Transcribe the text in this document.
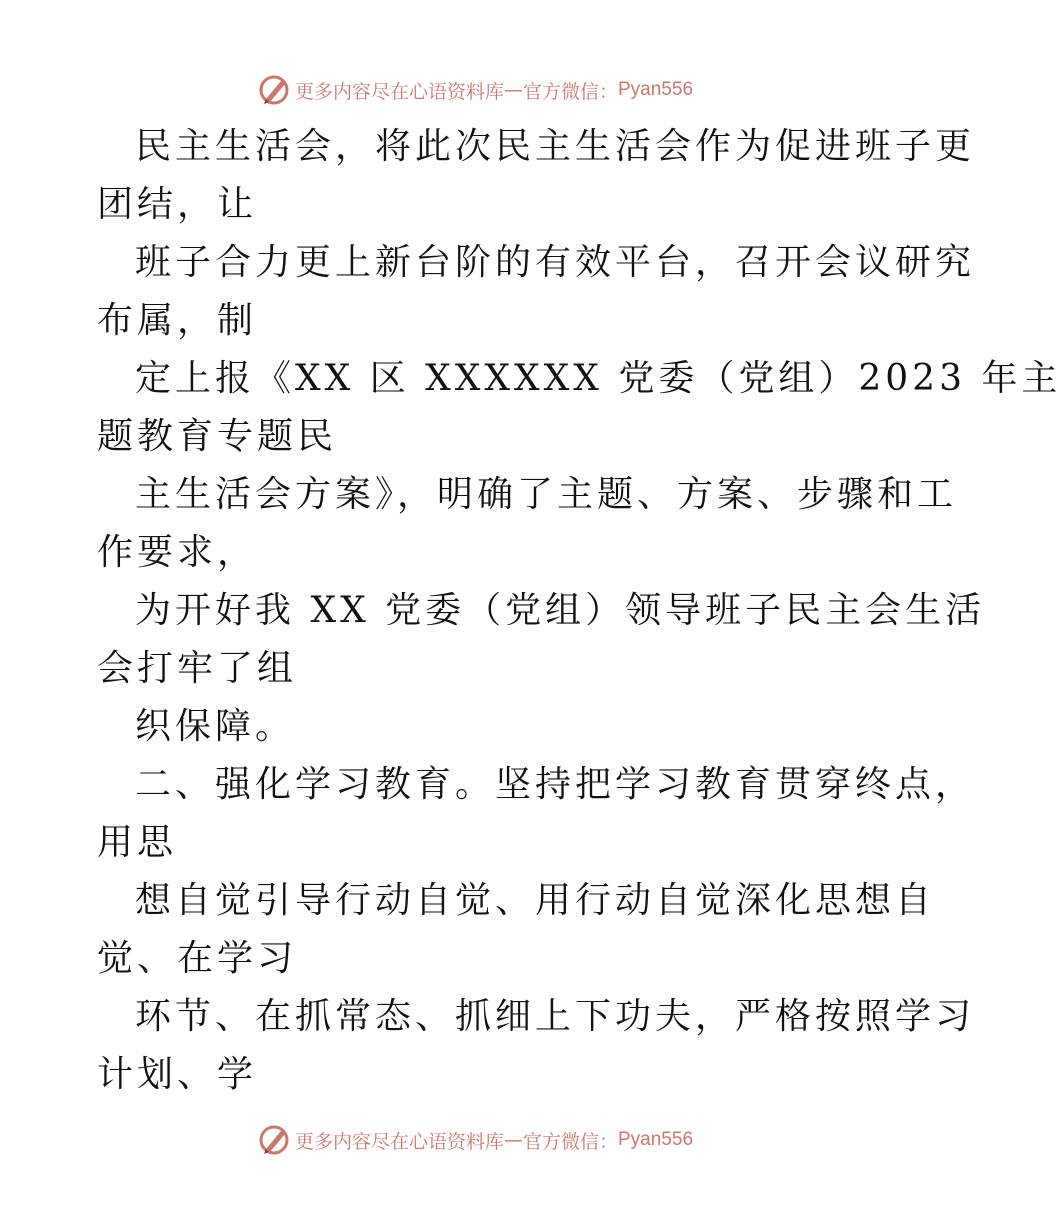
更多内容尽在心语资料库 — 官方微信： Pyan556
民主生活会，将此次民主生活会作为促进班子更
团结，让
班子合力更上新台阶的有效平台，召开会议研究
布属，制
定上报《XX 区 XXXXXX 党委（党组）2023 年主
题教育专题民
主生活会方案》，明确了主题、方案、步骤和工
作要求，
为开好我 XX 党委（党组）领导班子民主会生活
会打牢了组
织保障。
二、强化学习教育。坚持把学习教育贯穿终点，
用思
想自觉引导行动自觉、用行动自觉深化思想自
觉、在学习
环节、在抓常态、抓细上下功夫，严格按照学习
计划、学
更多内容尽在心语资料库 — 官方微信： Pyan556
